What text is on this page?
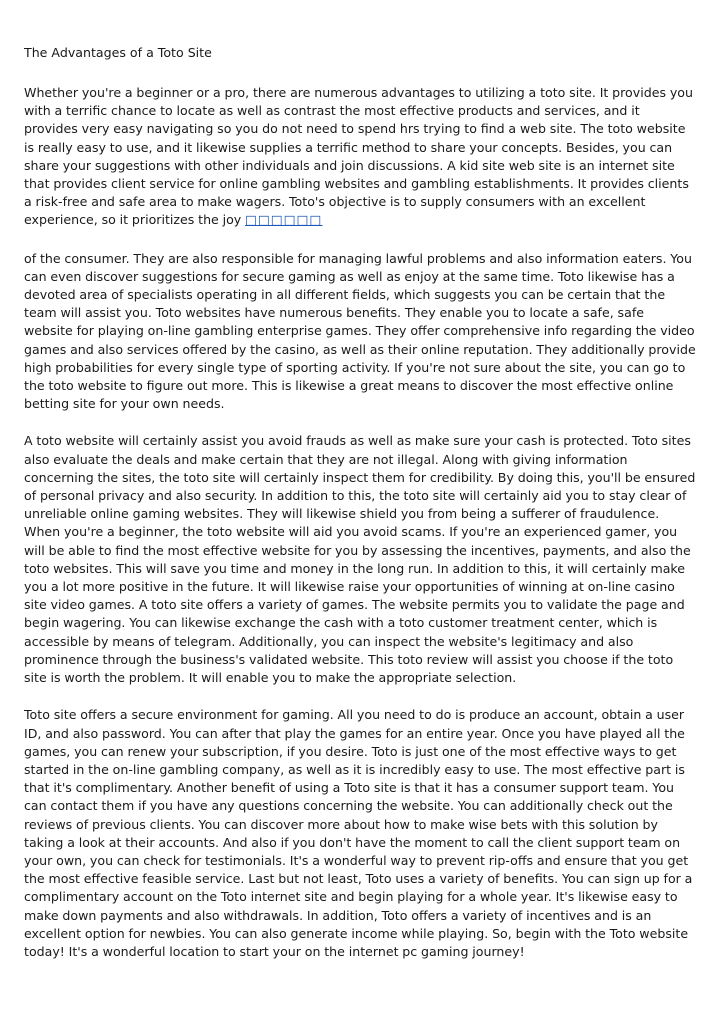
The Advantages of a Toto Site

Whether you're a beginner or a pro, there are numerous advantages to utilizing a toto site. It provides you with a terrific chance to locate as well as contrast the most effective products and services, and it provides very easy navigating so you do not need to spend hrs trying to find a web site. The toto website is really easy to use, and it likewise supplies a terrific method to share your concepts. Besides, you can share your suggestions with other individuals and join discussions. A kid site web site is an internet site that provides client service for online gambling websites and gambling establishments. It provides clients a risk-free and safe area to make wagers. Toto's objective is to supply consumers with an excellent experience, so it prioritizes the joy □□□□□□

of the consumer. They are also responsible for managing lawful problems and also information eaters. You can even discover suggestions for secure gaming as well as enjoy at the same time. Toto likewise has a devoted area of specialists operating in all different fields, which suggests you can be certain that the team will assist you. Toto websites have numerous benefits. They enable you to locate a safe, safe website for playing on-line gambling enterprise games. They offer comprehensive info regarding the video games and also services offered by the casino, as well as their online reputation. They additionally provide high probabilities for every single type of sporting activity. If you're not sure about the site, you can go to the toto website to figure out more. This is likewise a great means to discover the most effective online betting site for your own needs.

A toto website will certainly assist you avoid frauds as well as make sure your cash is protected. Toto sites also evaluate the deals and make certain that they are not illegal. Along with giving information concerning the sites, the toto site will certainly inspect them for credibility. By doing this, you'll be ensured of personal privacy and also security. In addition to this, the toto site will certainly aid you to stay clear of unreliable online gaming websites. They will likewise shield you from being a sufferer of fraudulence. When you're a beginner, the toto website will aid you avoid scams. If you're an experienced gamer, you will be able to find the most effective website for you by assessing the incentives, payments, and also the toto websites. This will save you time and money in the long run. In addition to this, it will certainly make you a lot more positive in the future. It will likewise raise your opportunities of winning at on-line casino site video games. A toto site offers a variety of games. The website permits you to validate the page and begin wagering. You can likewise exchange the cash with a toto customer treatment center, which is accessible by means of telegram. Additionally, you can inspect the website's legitimacy and also prominence through the business's validated website. This toto review will assist you choose if the toto site is worth the problem. It will enable you to make the appropriate selection.

Toto site offers a secure environment for gaming. All you need to do is produce an account, obtain a user ID, and also password. You can after that play the games for an entire year. Once you have played all the games, you can renew your subscription, if you desire. Toto is just one of the most effective ways to get started in the on-line gambling company, as well as it is incredibly easy to use. The most effective part is that it's complimentary. Another benefit of using a Toto site is that it has a consumer support team. You can contact them if you have any questions concerning the website. You can additionally check out the reviews of previous clients. You can discover more about how to make wise bets with this solution by taking a look at their accounts. And also if you don't have the moment to call the client support team on your own, you can check for testimonials. It's a wonderful way to prevent rip-offs and ensure that you get the most effective feasible service. Last but not least, Toto uses a variety of benefits. You can sign up for a complimentary account on the Toto internet site and begin playing for a whole year. It's likewise easy to make down payments and also withdrawals. In addition, Toto offers a variety of incentives and is an excellent option for newbies. You can also generate income while playing. So, begin with the Toto website today! It's a wonderful location to start your on the internet pc gaming journey!
